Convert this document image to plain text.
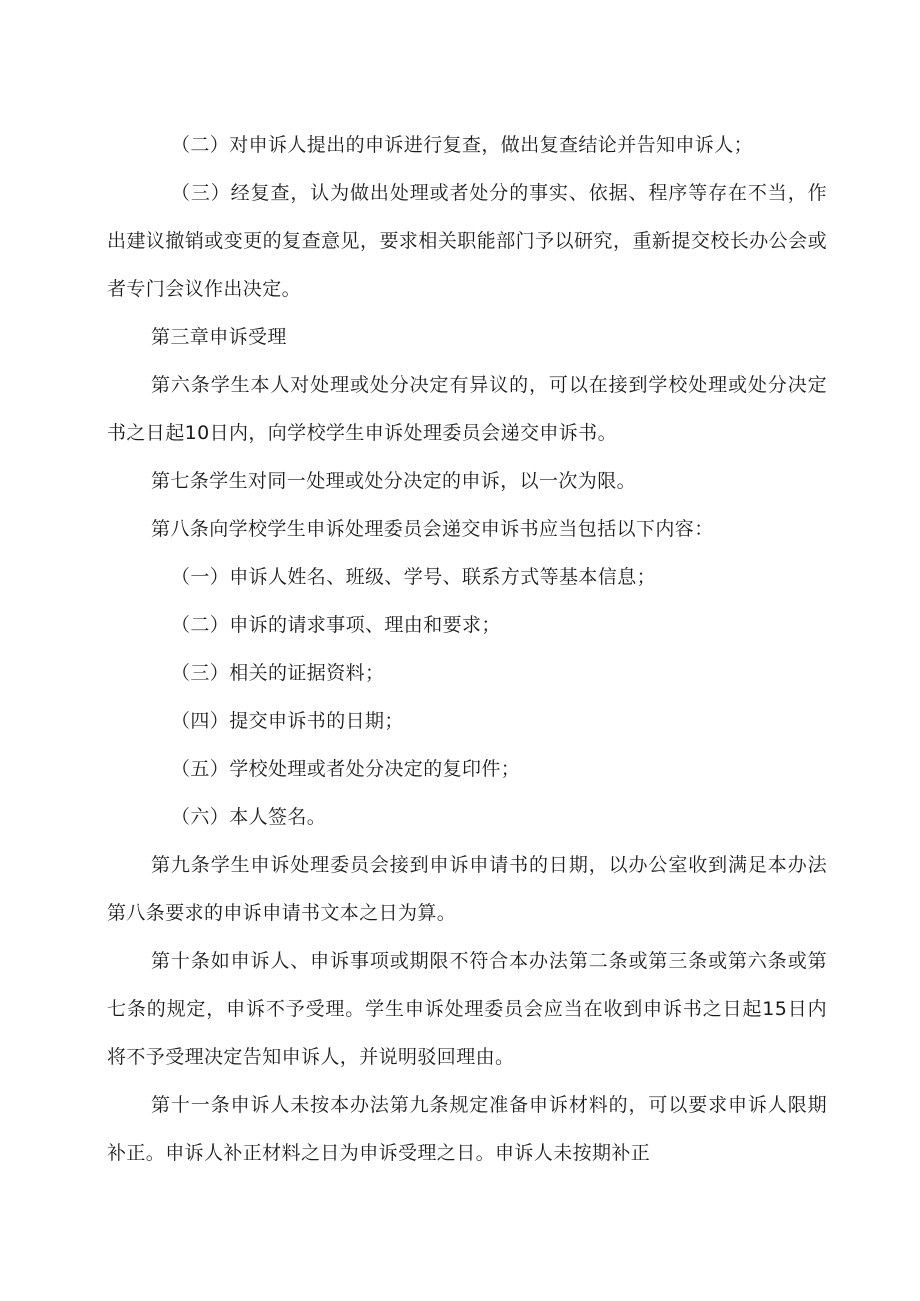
（二）对申诉人提出的申诉进行复查，做出复查结论并告知申诉人；

（三）经复查，认为做出处理或者处分的事实、依据、程序等存在不当，作出建议撤销或变更的复查意见，要求相关职能部门予以研究，重新提交校长办公会或者专门会议作出决定。

第三章申诉受理

第六条学生本人对处理或处分决定有异议的，可以在接到学校处理或处分决定书之日起10日内，向学校学生申诉处理委员会递交申诉书。

第七条学生对同一处理或处分决定的申诉，以一次为限。

第八条向学校学生申诉处理委员会递交申诉书应当包括以下内容：

（一）申诉人姓名、班级、学号、联系方式等基本信息；

（二）申诉的请求事项、理由和要求；

（三）相关的证据资料；

（四）提交申诉书的日期；

（五）学校处理或者处分决定的复印件；

（六）本人签名。

第九条学生申诉处理委员会接到申诉申请书的日期，以办公室收到满足本办法第八条要求的申诉申请书文本之日为算。

第十条如申诉人、申诉事项或期限不符合本办法第二条或第三条或第六条或第七条的规定，申诉不予受理。学生申诉处理委员会应当在收到申诉书之日起15日内将不予受理决定告知申诉人，并说明驳回理由。

第十一条申诉人未按本办法第九条规定准备申诉材料的，可以要求申诉人限期补正。申诉人补正材料之日为申诉受理之日。申诉人未按期补正
